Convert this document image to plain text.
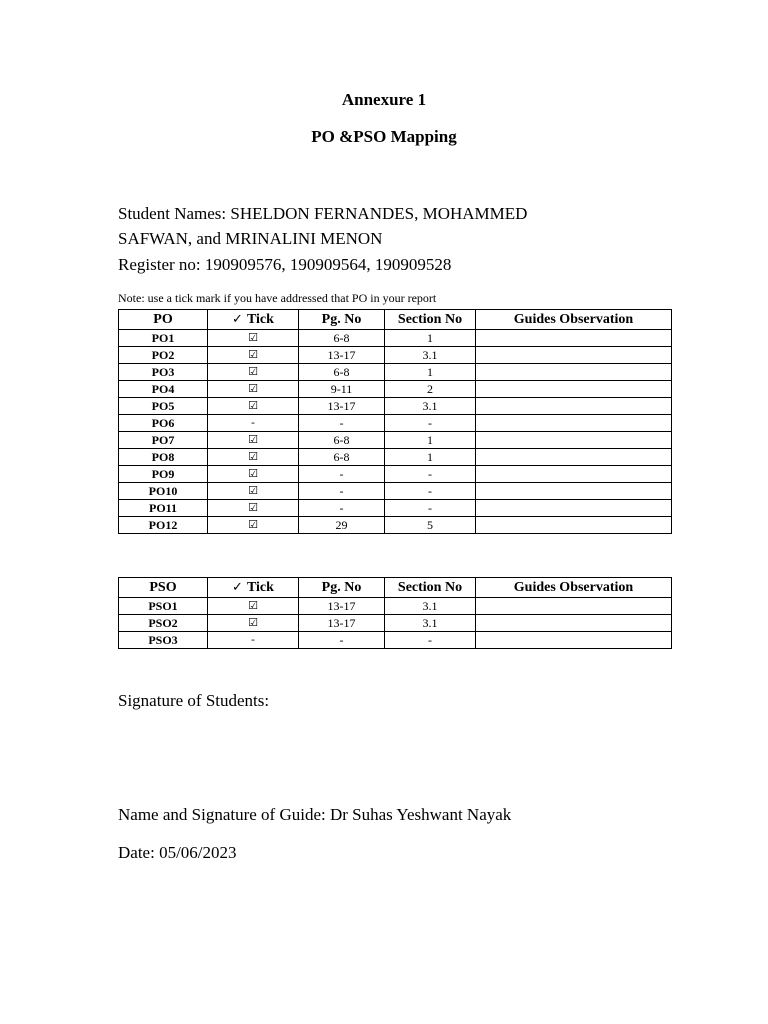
Annexure 1
PO &PSO Mapping
Student Names: SHELDON FERNANDES, MOHAMMED
SAFWAN, and MRINALINI MENON
Register no: 190909576, 190909564, 190909528
Note: use a tick mark if you have addressed that PO in your report
PO	✓ Tick	Pg. No	Section No	Guides Observation
PO1	☑	6-8	1	
PO2	☑	13-17	3.1	
PO3	☑	6-8	1	
PO4	☑	9-11	2	
PO5	☑	13-17	3.1	
PO6	-	-	-	
PO7	☑	6-8	1	
PO8	☑	6-8	1	
PO9	☑	-	-	
PO10	☑	-	-	
PO11	☑	-	-	
PO12	☑	29	5	
PSO	✓ Tick	Pg. No	Section No	Guides Observation
PSO1	☑	13-17	3.1	
PSO2	☑	13-17	3.1	
PSO3	-	-	-	
Signature of Students:
Name and Signature of Guide: Dr Suhas Yeshwant Nayak
Date: 05/06/2023
